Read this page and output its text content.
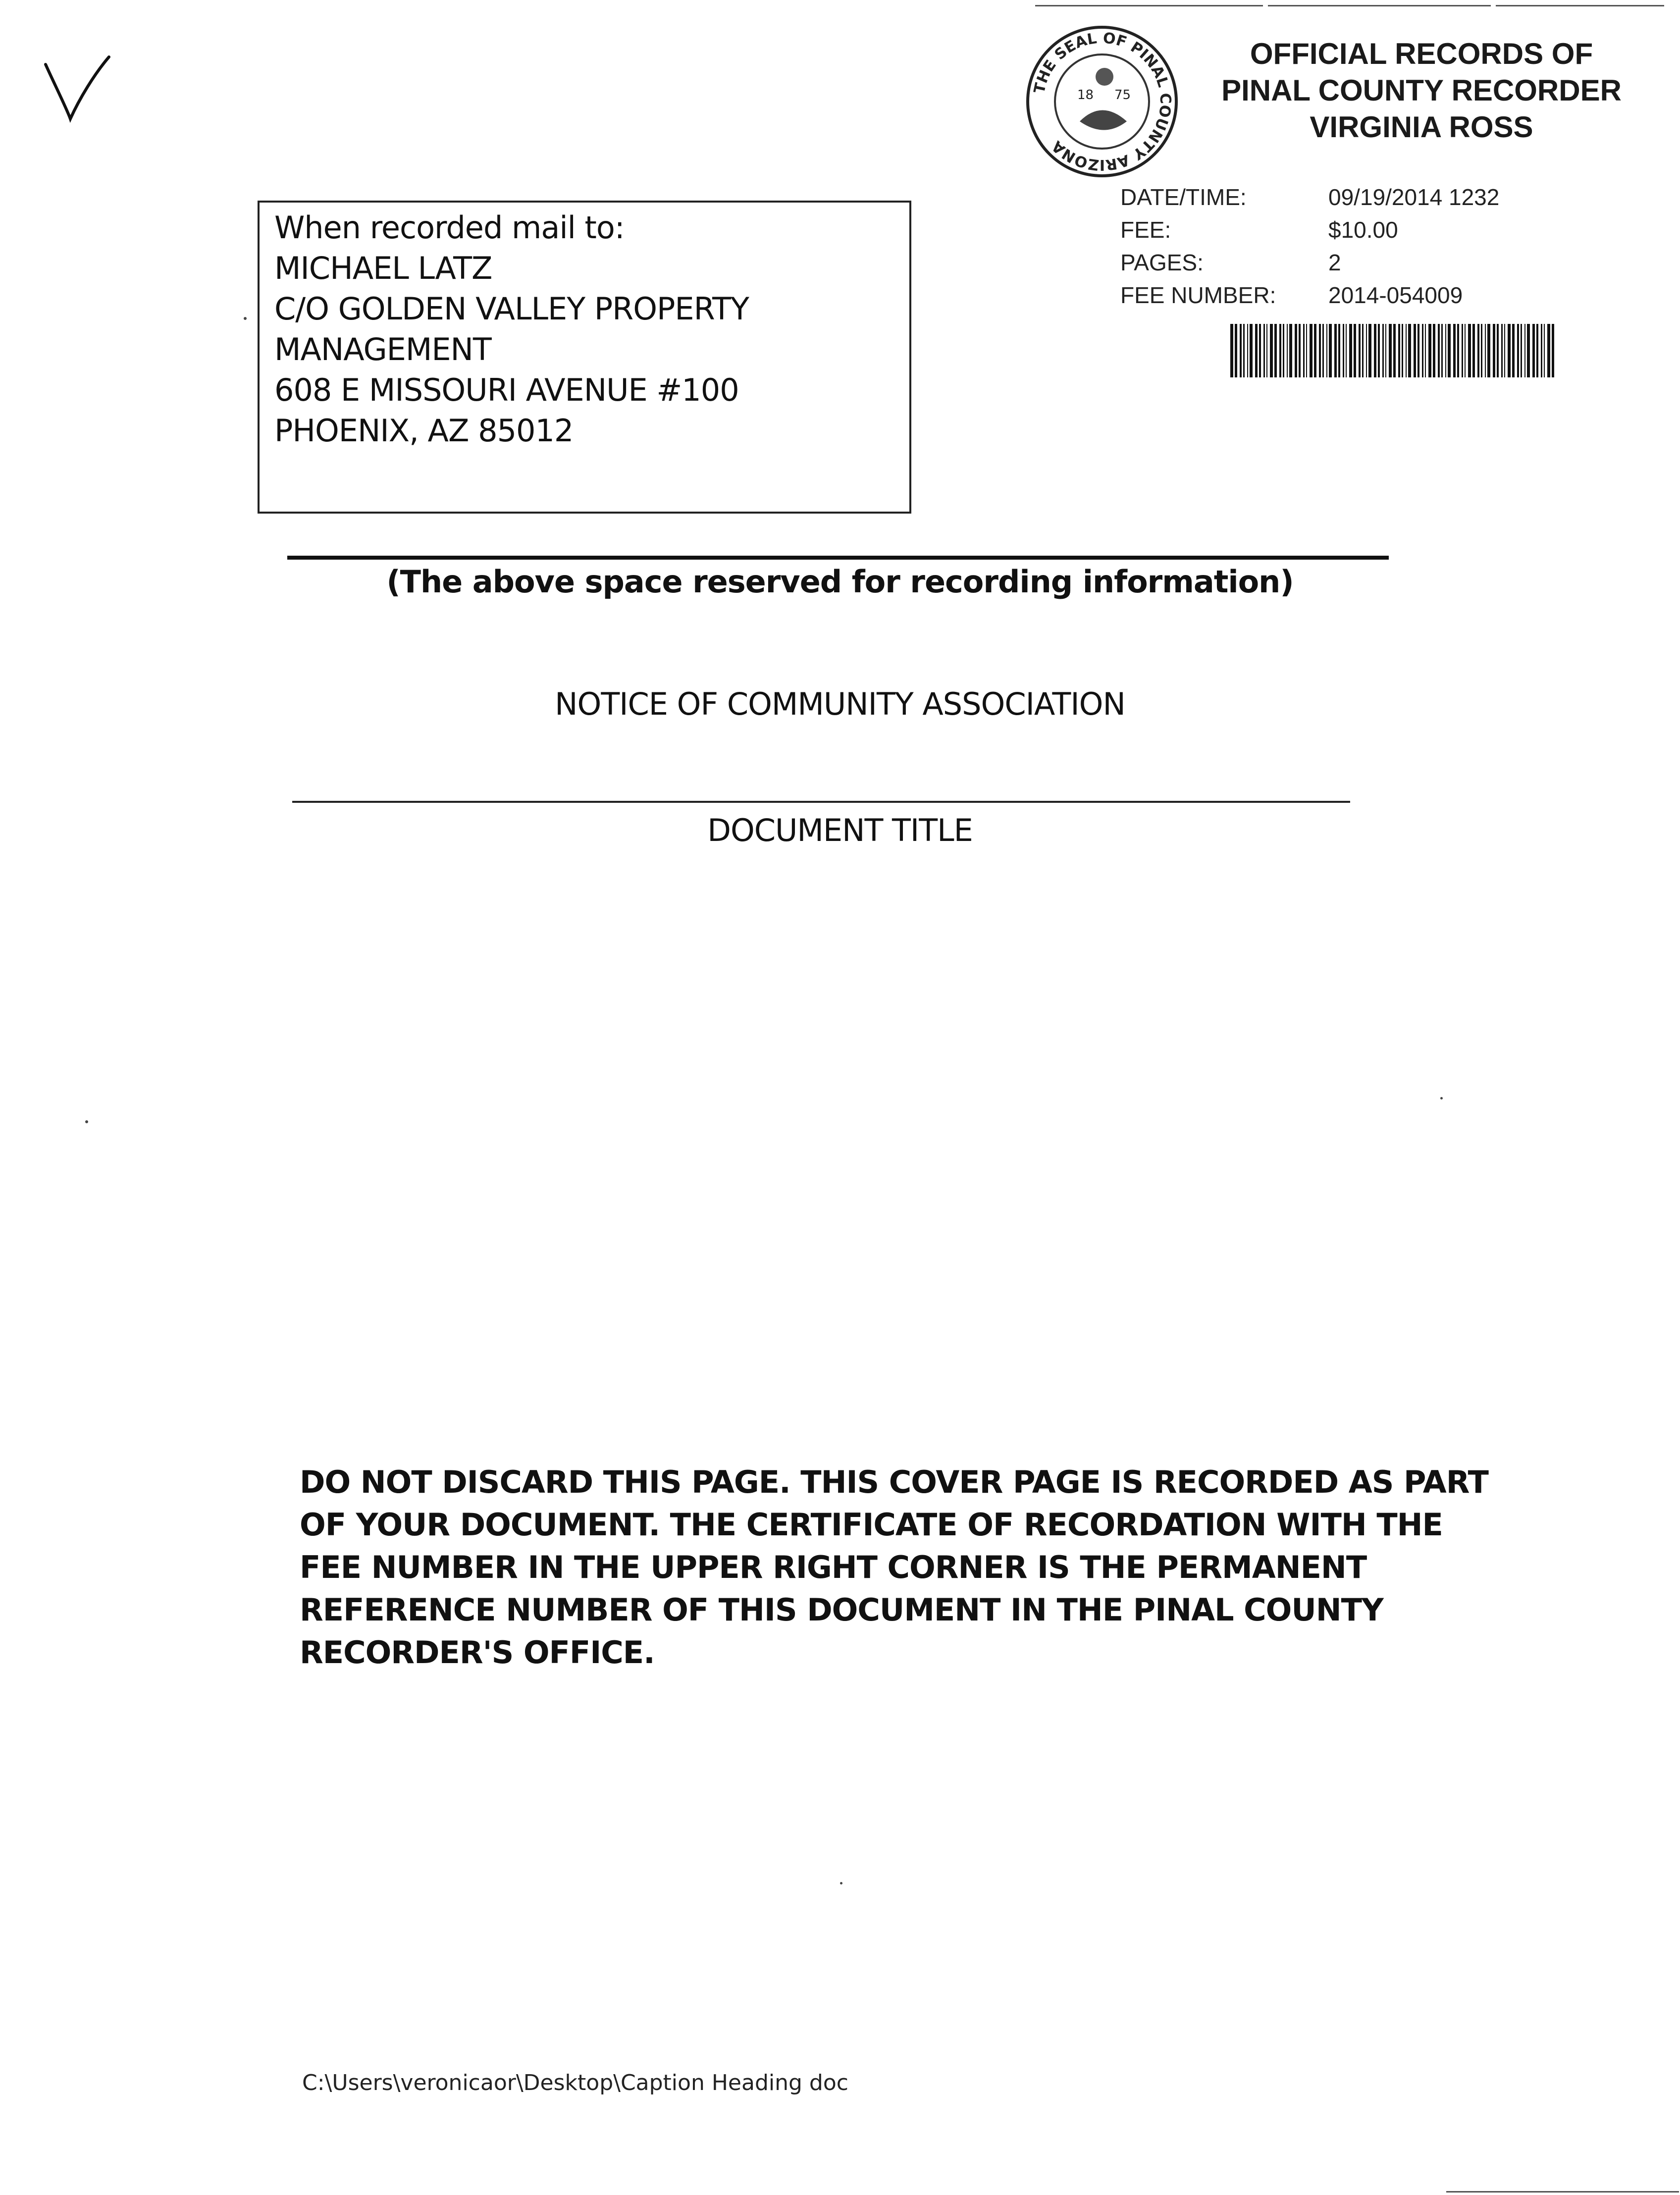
THE SEAL OF PINAL COUNTY ARIZONA
18 75
OFFICIAL RECORDS OF
PINAL COUNTY RECORDER
VIRGINIA ROSS
DATE/TIME:	09/19/2014 1232
FEE:	$10.00
PAGES:	2
FEE NUMBER:	2014-054009
When recorded mail to:
MICHAEL LATZ
C/O GOLDEN VALLEY PROPERTY
MANAGEMENT
608 E MISSOURI AVENUE #100
PHOENIX, AZ 85012
(The above space reserved for recording information)
NOTICE OF COMMUNITY ASSOCIATION
DOCUMENT TITLE
DO NOT DISCARD THIS PAGE. THIS COVER PAGE IS RECORDED AS PART
OF YOUR DOCUMENT. THE CERTIFICATE OF RECORDATION WITH THE
FEE NUMBER IN THE UPPER RIGHT CORNER IS THE PERMANENT
REFERENCE NUMBER OF THIS DOCUMENT IN THE PINAL COUNTY
RECORDER'S OFFICE.
C:\Users\veronicaor\Desktop\Caption Heading doc
